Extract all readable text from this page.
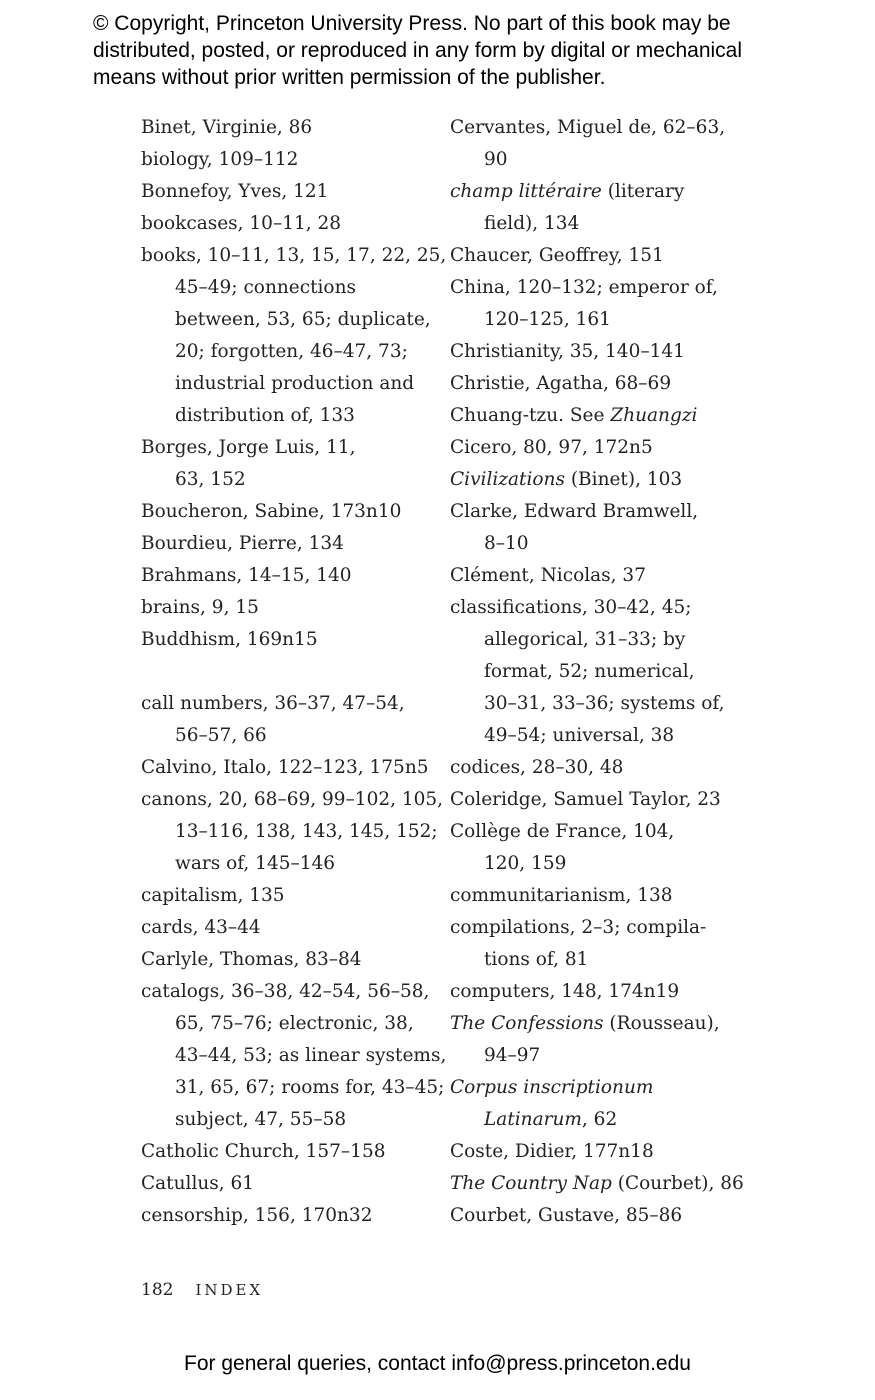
© Copyright, Princeton University Press. No part of this book may be
distributed, posted, or reproduced in any form by digital or mechanical
means without prior written permission of the publisher.
Binet, Virginie, 86
biology, 109–112
Bonnefoy, Yves, 121
bookcases, 10–11, 28
books, 10–11, 13, 15, 17, 22, 25,
45–49; connections
between, 53, 65; duplicate,
20; forgotten, 46–47, 73;
industrial production and
distribution of, 133
Borges, Jorge Luis, 11,
63, 152
Boucheron, Sabine, 173n10
Bourdieu, Pierre, 134
Brahmans, 14–15, 140
brains, 9, 15
Buddhism, 169n15
call numbers, 36–37, 47–54,
56–57, 66
Calvino, Italo, 122–123, 175n5
canons, 20, 68–69, 99–102, 105,
13–116, 138, 143, 145, 152;
wars of, 145–146
capitalism, 135
cards, 43–44
Carlyle, Thomas, 83–84
catalogs, 36–38, 42–54, 56–58,
65, 75–76; electronic, 38,
43–44, 53; as linear systems,
31, 65, 67; rooms for, 43–45;
subject, 47, 55–58
Catholic Church, 157–158
Catullus, 61
censorship, 156, 170n32
Cervantes, Miguel de, 62–63,
90
champ littéraire (literary
field), 134
Chaucer, Geoffrey, 151
China, 120–132; emperor of,
120–125, 161
Christianity, 35, 140–141
Christie, Agatha, 68–69
Chuang-tzu. See Zhuangzi
Cicero, 80, 97, 172n5
Civilizations (Binet), 103
Clarke, Edward Bramwell,
8–10
Clément, Nicolas, 37
classifications, 30–42, 45;
allegorical, 31–33; by
format, 52; numerical,
30–31, 33–36; systems of,
49–54; universal, 38
codices, 28–30, 48
Coleridge, Samuel Taylor, 23
Collège de France, 104,
120, 159
communitarianism, 138
compilations, 2–3; compila-
tions of, 81
computers, 148, 174n19
The Confessions (Rousseau),
94–97
Corpus inscriptionum
Latinarum, 62
Coste, Didier, 177n18
The Country Nap (Courbet), 86
Courbet, Gustave, 85–86
182 INDEX
For general queries, contact info@press.princeton.edu
